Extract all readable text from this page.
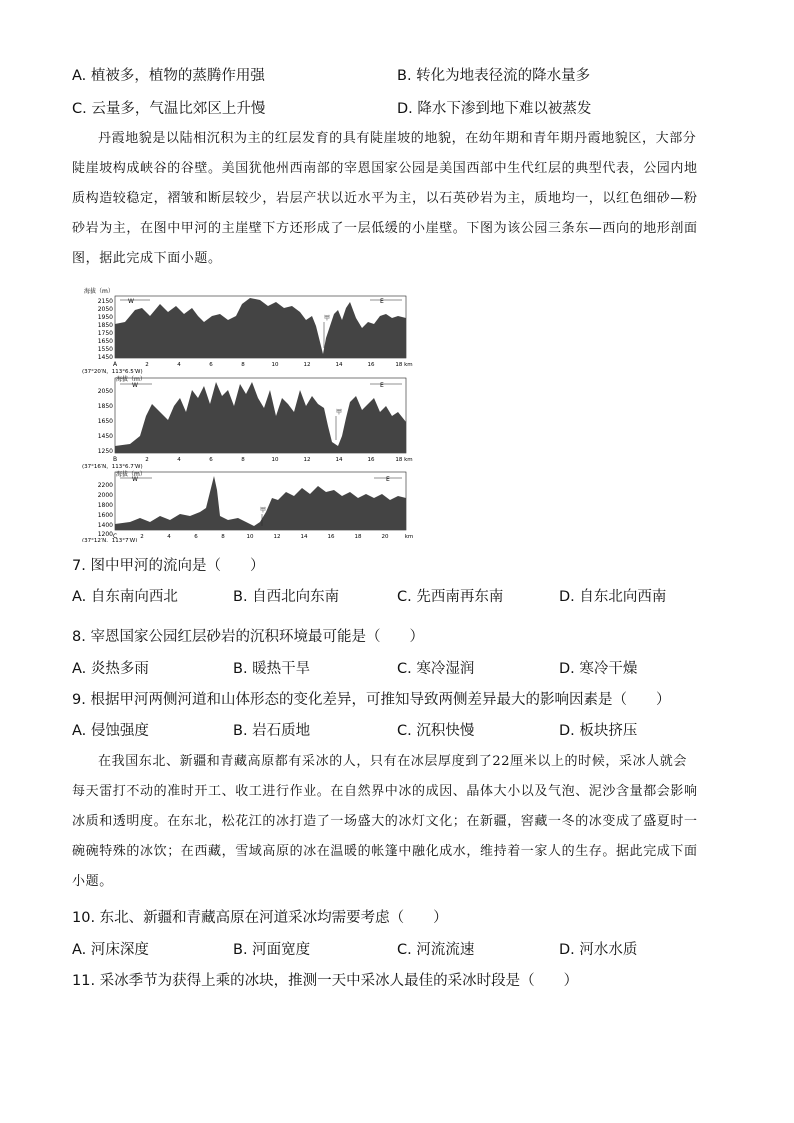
A. 植被多，植物的蒸腾作用强	B. 转化为地表径流的降水量多
C. 云量多，气温比郊区上升慢	D. 降水下渗到地下难以被蒸发
丹霞地貌是以陆相沉积为主的红层发育的具有陡崖坡的地貌，在幼年期和青年期丹霞地貌区，大部分
陡崖坡构成峡谷的谷壁。美国犹他州西南部的宰恩国家公园是美国西部中生代红层的典型代表，公园内地
质构造较稳定，褶皱和断层较少，岩层产状以近水平为主，以石英砂岩为主，质地均一，以红色细砂—粉
砂岩为主，在图中甲河的主崖壁下方还形成了一层低缓的小崖壁。下图为该公园三条东—西向的地形剖面
图，据此完成下面小题。
海拔（m）
2150
2050
1950
1850
1750
1650
1550
1450
W	E
甲
A	2	4	6	8	10	12	14	16	18 km
(37°20′N，113°6.5′W)
海拔（m）
2050
1850
1650
1450
1250
W	E
甲
B	2	4	6	8	10	12	14	16	18 km
(37°16′N，113°6.7′W)
海拔（m）
2200
2000
1800
1600
1400
1200
W	E
甲
C	2	4	6	8	10	12	14	16	18	20	km
(37°12′N，113°7′W)
7. 图中甲河的流向是（　　）
A. 自东南向西北	B. 自西北向东南	C. 先西南再东南	D. 自东北向西南
8. 宰恩国家公园红层砂岩的沉积环境最可能是（　　）
A. 炎热多雨	B. 暖热干旱	C. 寒冷湿润	D. 寒冷干燥
9. 根据甲河两侧河道和山体形态的变化差异，可推知导致两侧差异最大的影响因素是（　　）
A. 侵蚀强度	B. 岩石质地	C. 沉积快慢	D. 板块挤压
在我国东北、新疆和青藏高原都有采冰的人，只有在冰层厚度到了22厘米以上的时候，采冰人就会
每天雷打不动的准时开工、收工进行作业。在自然界中冰的成因、晶体大小以及气泡、泥沙含量都会影响
冰质和透明度。在东北，松花江的冰打造了一场盛大的冰灯文化；在新疆，窖藏一冬的冰变成了盛夏时一
碗碗特殊的冰饮；在西藏，雪域高原的冰在温暖的帐篷中融化成水，维持着一家人的生存。据此完成下面
小题。
10. 东北、新疆和青藏高原在河道采冰均需要考虑（　　）
A. 河床深度	B. 河面宽度	C. 河流流速	D. 河水水质
11. 采冰季节为获得上乘的冰块，推测一天中采冰人最佳的采冰时段是（　　）
